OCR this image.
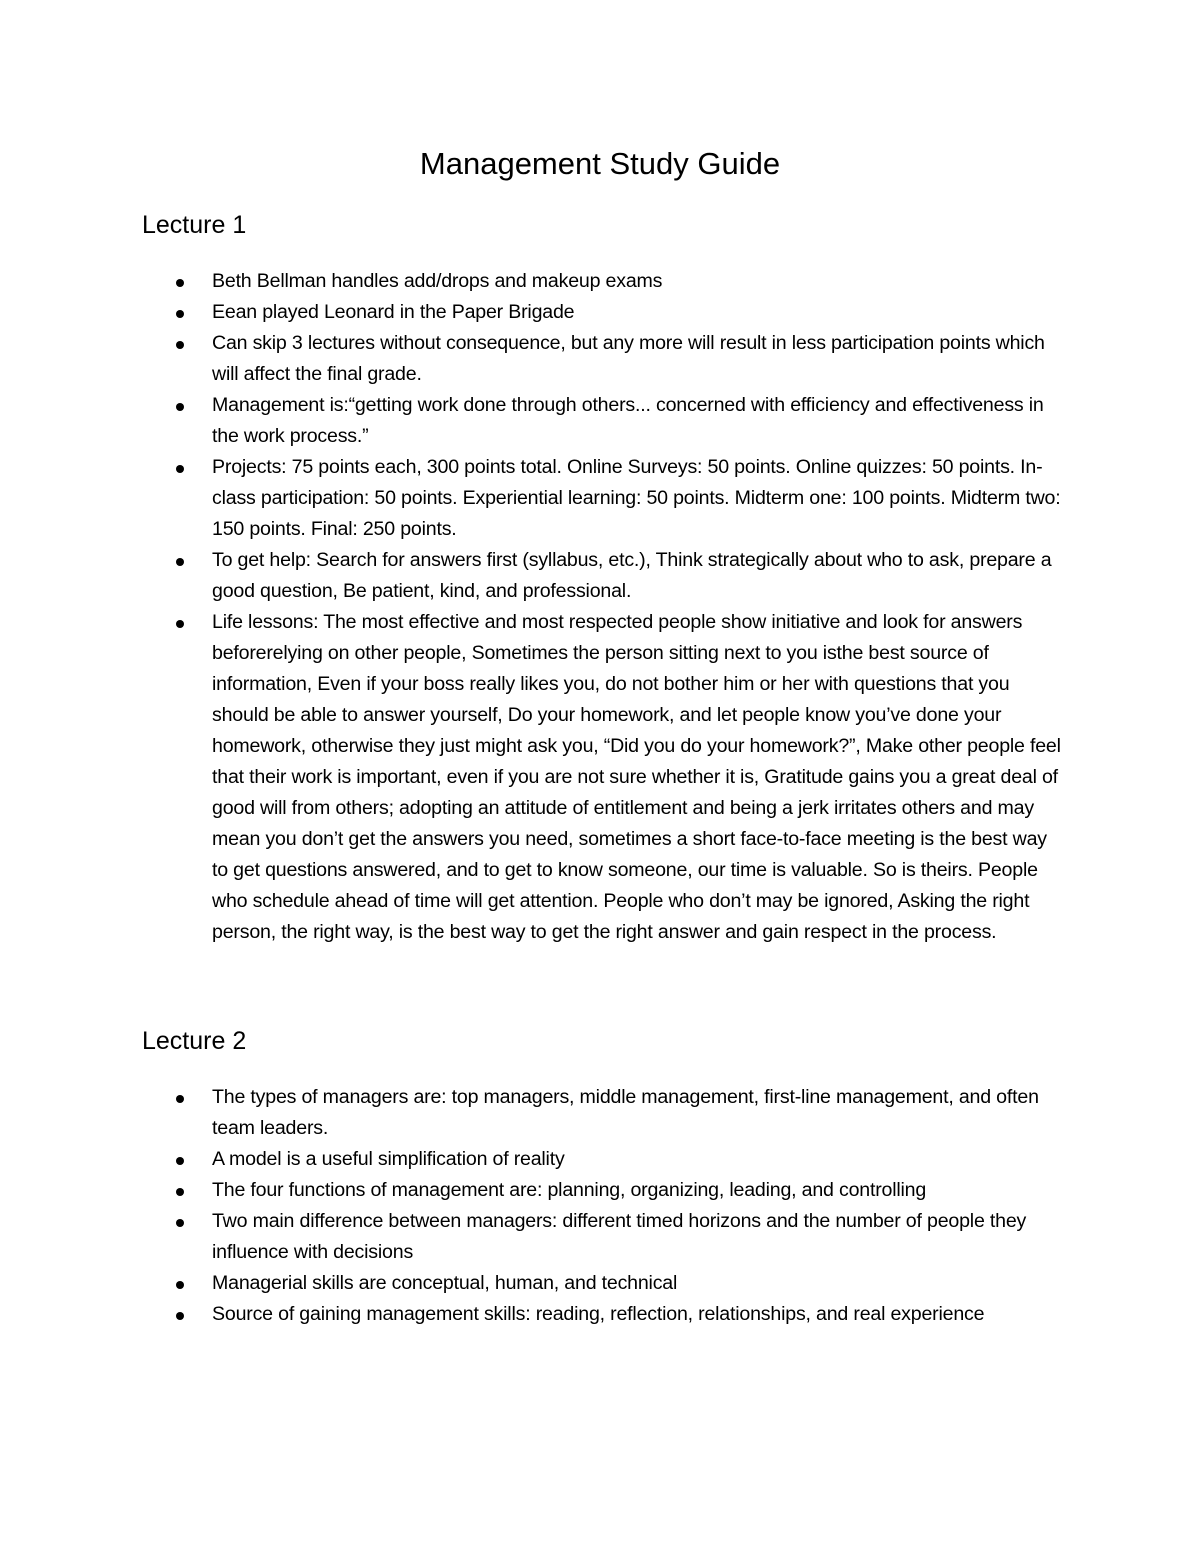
Management Study Guide
Lecture 1
Beth Bellman handles add/drops and makeup exams
Eean played Leonard in the Paper Brigade
Can skip 3 lectures without consequence, but any more will result in less participation points which will affect the final grade.
Management is:“getting work done through others... concerned with efficiency and effectiveness in the work process.”
Projects: 75 points each, 300 points total. Online Surveys: 50 points. Online quizzes: 50 points. In-class participation: 50 points. Experiential learning: 50 points. Midterm one: 100 points. Midterm two: 150 points. Final: 250 points.
To get help: Search for answers first (syllabus, etc.), Think strategically about who to ask, prepare a good question, Be patient, kind, and professional.
Life lessons: The most effective and most respected people show initiative and look for answers beforerelying on other people, Sometimes the person sitting next to you isthe best source of information, Even if your boss really likes you, do not bother him or her with questions that you should be able to answer yourself, Do your homework, and let people know you’ve done your homework, otherwise they just might ask you, “Did you do your homework?”, Make other people feel that their work is important, even if you are not sure whether it is, Gratitude gains you a great deal of good will from others; adopting an attitude of entitlement and being a jerk irritates others and may mean you don’t get the answers you need, sometimes a short face-to-face meeting is the best way to get questions answered, and to get to know someone, our time is valuable. So is theirs. People who schedule ahead of time will get attention. People who don’t may be ignored, Asking the right person, the right way, is the best way to get the right answer and gain respect in the process.
Lecture 2
The types of managers are: top managers, middle management, first-line management, and often team leaders.
A model is a useful simplification of reality
The four functions of management are: planning, organizing, leading, and controlling
Two main difference between managers: different timed horizons and the number of people they influence with decisions
Managerial skills are conceptual, human, and technical
Source of gaining management skills: reading, reflection, relationships, and real experience
